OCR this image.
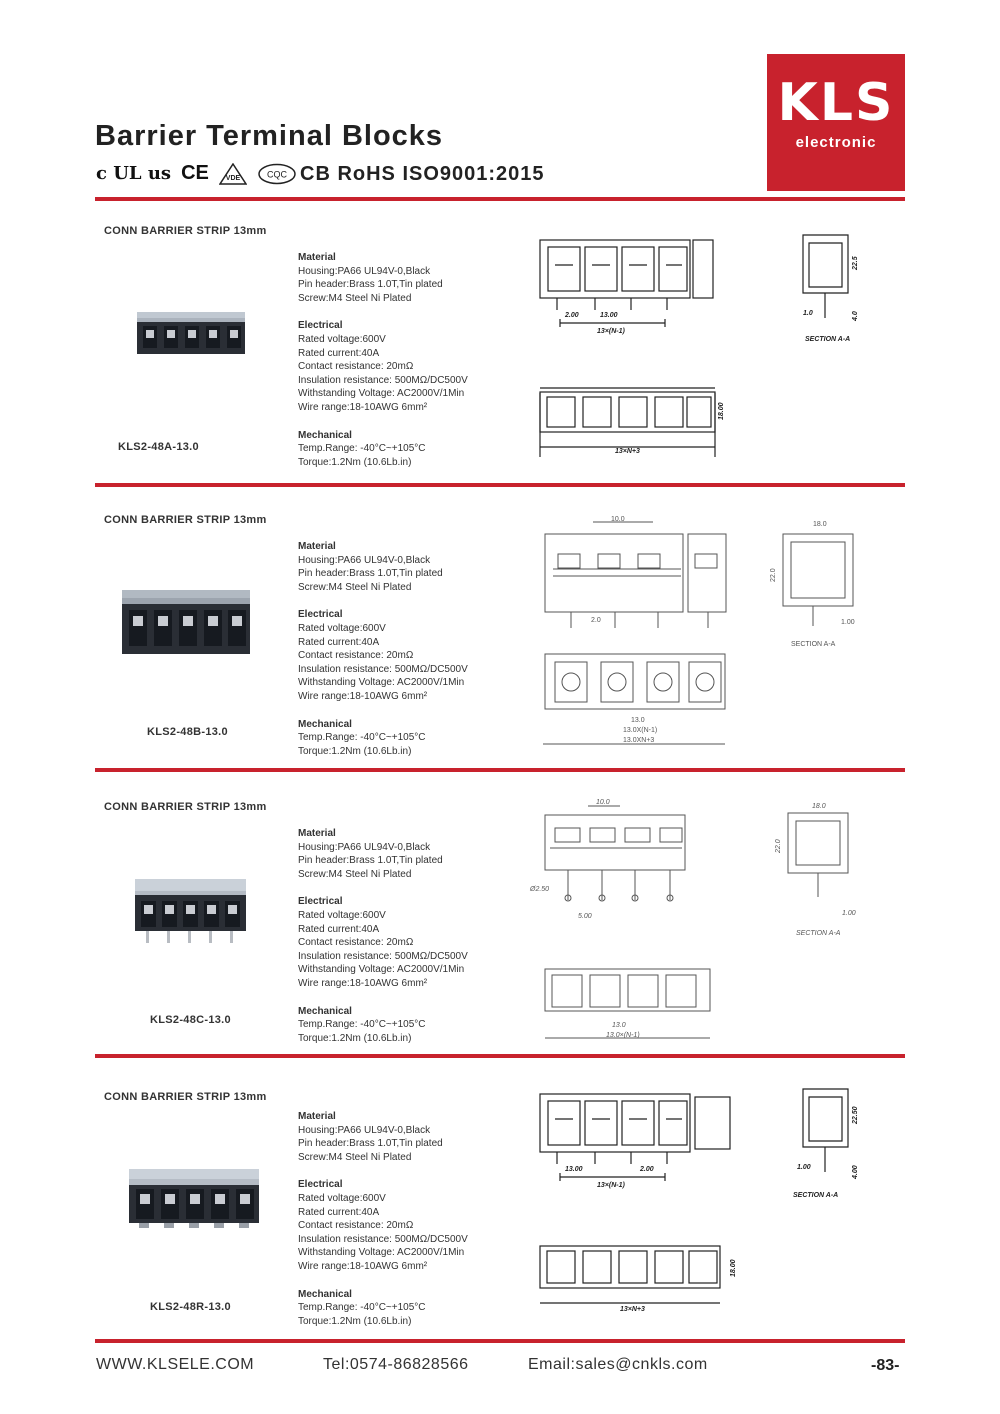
Barrier Terminal Blocks
c UL us CE VDE	CQC CB RoHS ISO9001:2015
KLS
electronic
CONN BARRIER STRIP 13mm
KLS2-48A-13.0
Material
Housing:PA66 UL94V-0,Black
Pin header:Brass 1.0T,Tin plated
Screw:M4 Steel Ni Plated
Electrical
Rated voltage:600V
Rated current:40A
Contact resistance: 20mΩ
Insulation resistance: 500MΩ/DC500V
Withstanding Voltage: AC2000V/1Min
Wire range:18-10AWG 6mm²
Mechanical
Temp.Range: -40°C~+105°C
Torque:1.2Nm (10.6Lb.in)
2.00	13.00
13×(N-1)
18.00
13×N+3
22.5
1.0	4.0
SECTION A-A
CONN BARRIER STRIP 13mm
KLS2-48B-13.0
Material
Housing:PA66 UL94V-0,Black
Pin header:Brass 1.0T,Tin plated
Screw:M4 Steel Ni Plated
Electrical
Rated voltage:600V
Rated current:40A
Contact resistance: 20mΩ
Insulation resistance: 500MΩ/DC500V
Withstanding Voltage: AC2000V/1Min
Wire range:18-10AWG 6mm²
Mechanical
Temp.Range: -40°C~+105°C
Torque:1.2Nm (10.6Lb.in)
10.0
2.0
13.0
13.0X(N-1)
13.0XN+3
18.0
22.0
1.00
SECTION A-A
CONN BARRIER STRIP 13mm
KLS2-48C-13.0
Material
Housing:PA66 UL94V-0,Black
Pin header:Brass 1.0T,Tin plated
Screw:M4 Steel Ni Plated
Electrical
Rated voltage:600V
Rated current:40A
Contact resistance: 20mΩ
Insulation resistance: 500MΩ/DC500V
Withstanding Voltage: AC2000V/1Min
Wire range:18-10AWG 6mm²
Mechanical
Temp.Range: -40°C~+105°C
Torque:1.2Nm (10.6Lb.in)
10.0
Ø2.50
5.00
13.0
13.0×(N-1)
18.0
22.0
1.00
SECTION A-A
CONN BARRIER STRIP 13mm
KLS2-48R-13.0
Material
Housing:PA66 UL94V-0,Black
Pin header:Brass 1.0T,Tin plated
Screw:M4 Steel Ni Plated
Electrical
Rated voltage:600V
Rated current:40A
Contact resistance: 20mΩ
Insulation resistance: 500MΩ/DC500V
Withstanding Voltage: AC2000V/1Min
Wire range:18-10AWG 6mm²
Mechanical
Temp.Range: -40°C~+105°C
Torque:1.2Nm (10.6Lb.in)
13.00	2.00
13×(N-1)
18.00
13×N+3
22.50
1.00	4.00
SECTION A-A
WWW.KLSELE.COM	Tel:0574-86828566	Email:sales@cnkls.com	-83-
